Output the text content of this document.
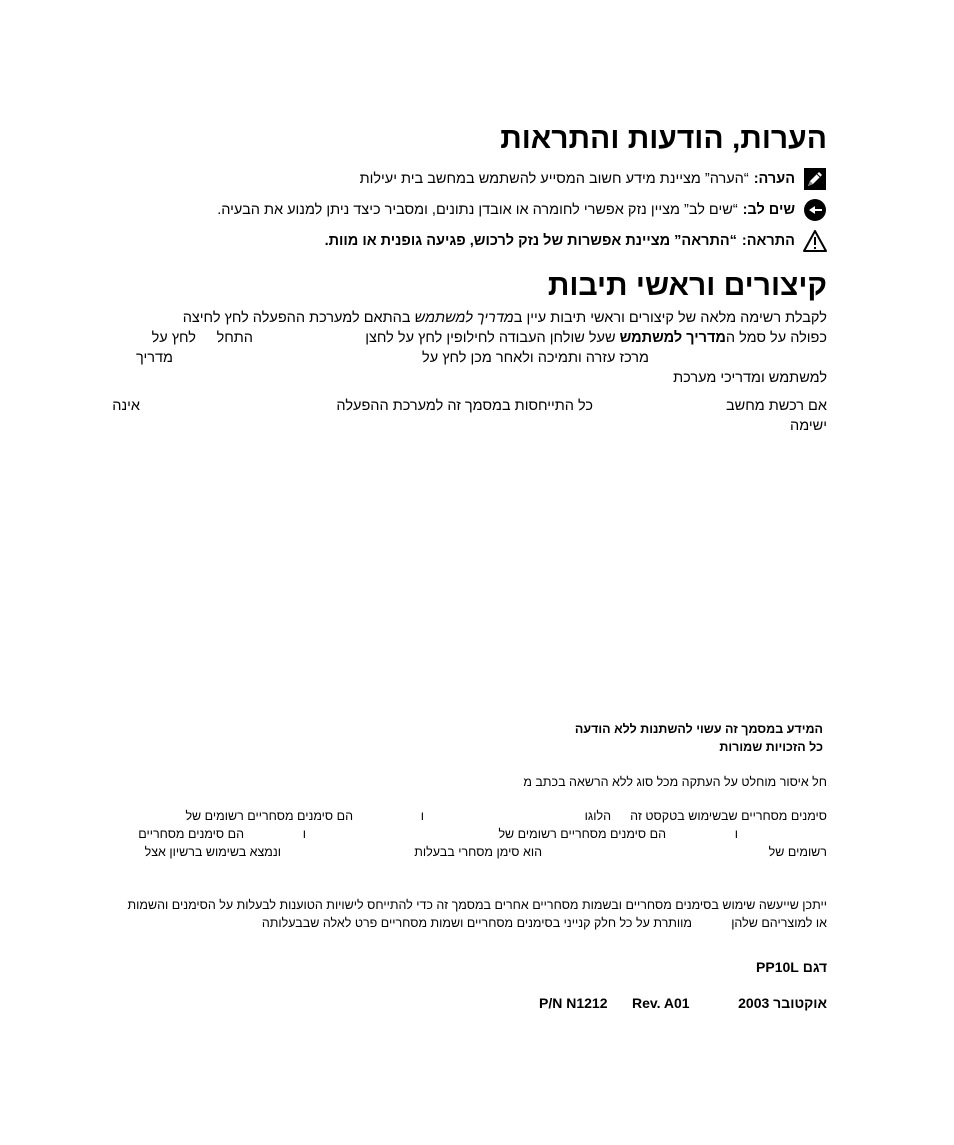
הערות, הודעות והתראות
הערה:
“הערה” מציינת מידע חשוב המסייע להשתמש במחשב בית יעילות
שים לב:
“שים לב” מציין נזק אפשרי לחומרה או אובדן נתונים, ומסביר כיצד ניתן למנוע את הבעיה.
התראה:
“התראה” מציינת אפשרות של נזק לרכוש, פגיעה גופנית או מוות.
קיצורים וראשי תיבות
לקבלת רשימה מלאה של קיצורים וראשי תיבות עיין במדריך למשתמש בהתאם למערכת ההפעלה לחץ לחיצה
כפולה על סמל המדריך למשתמש שעל שולחן העבודה לחילופין לחץ על לחצן
התחל
לחץ על
מרכז עזרה ותמיכה ולאחר מכן לחץ על
מדריך
למשתמש ומדריכי מערכת
אם רכשת מחשב
כל התייחסות במסמך זה למערכת ההפעלה
אינה
ישימה
המידע במסמך זה עשוי להשתנות ללא הודעה
כל הזכויות שמורות
חל איסור מוחלט על העתקה מכל סוג ללא הרשאה בכתב מ
סימנים מסחריים שבשימוש בטקסט זה
הלוגו
ו
הם סימנים מסחריים רשומים של
ו
הם סימנים מסחריים רשומים של
ו
הם סימנים מסחריים
רשומים של
הוא סימן מסחרי בבעלות
ונמצא בשימוש ברשיון אצל
ייתכן שייעשה שימוש בסימנים מסחריים ובשמות מסחריים אחרים במסמך זה כדי להתייחס לישויות הטוענות לבעלות על הסימנים והשמות
או למוצריהם שלהן
מוותרת על כל חלק קנייני בסימנים מסחריים ושמות מסחריים פרט לאלה שבבעלותה
דגם PP10L
אוקטובר 2003
Rev. A01
P/N N1212
